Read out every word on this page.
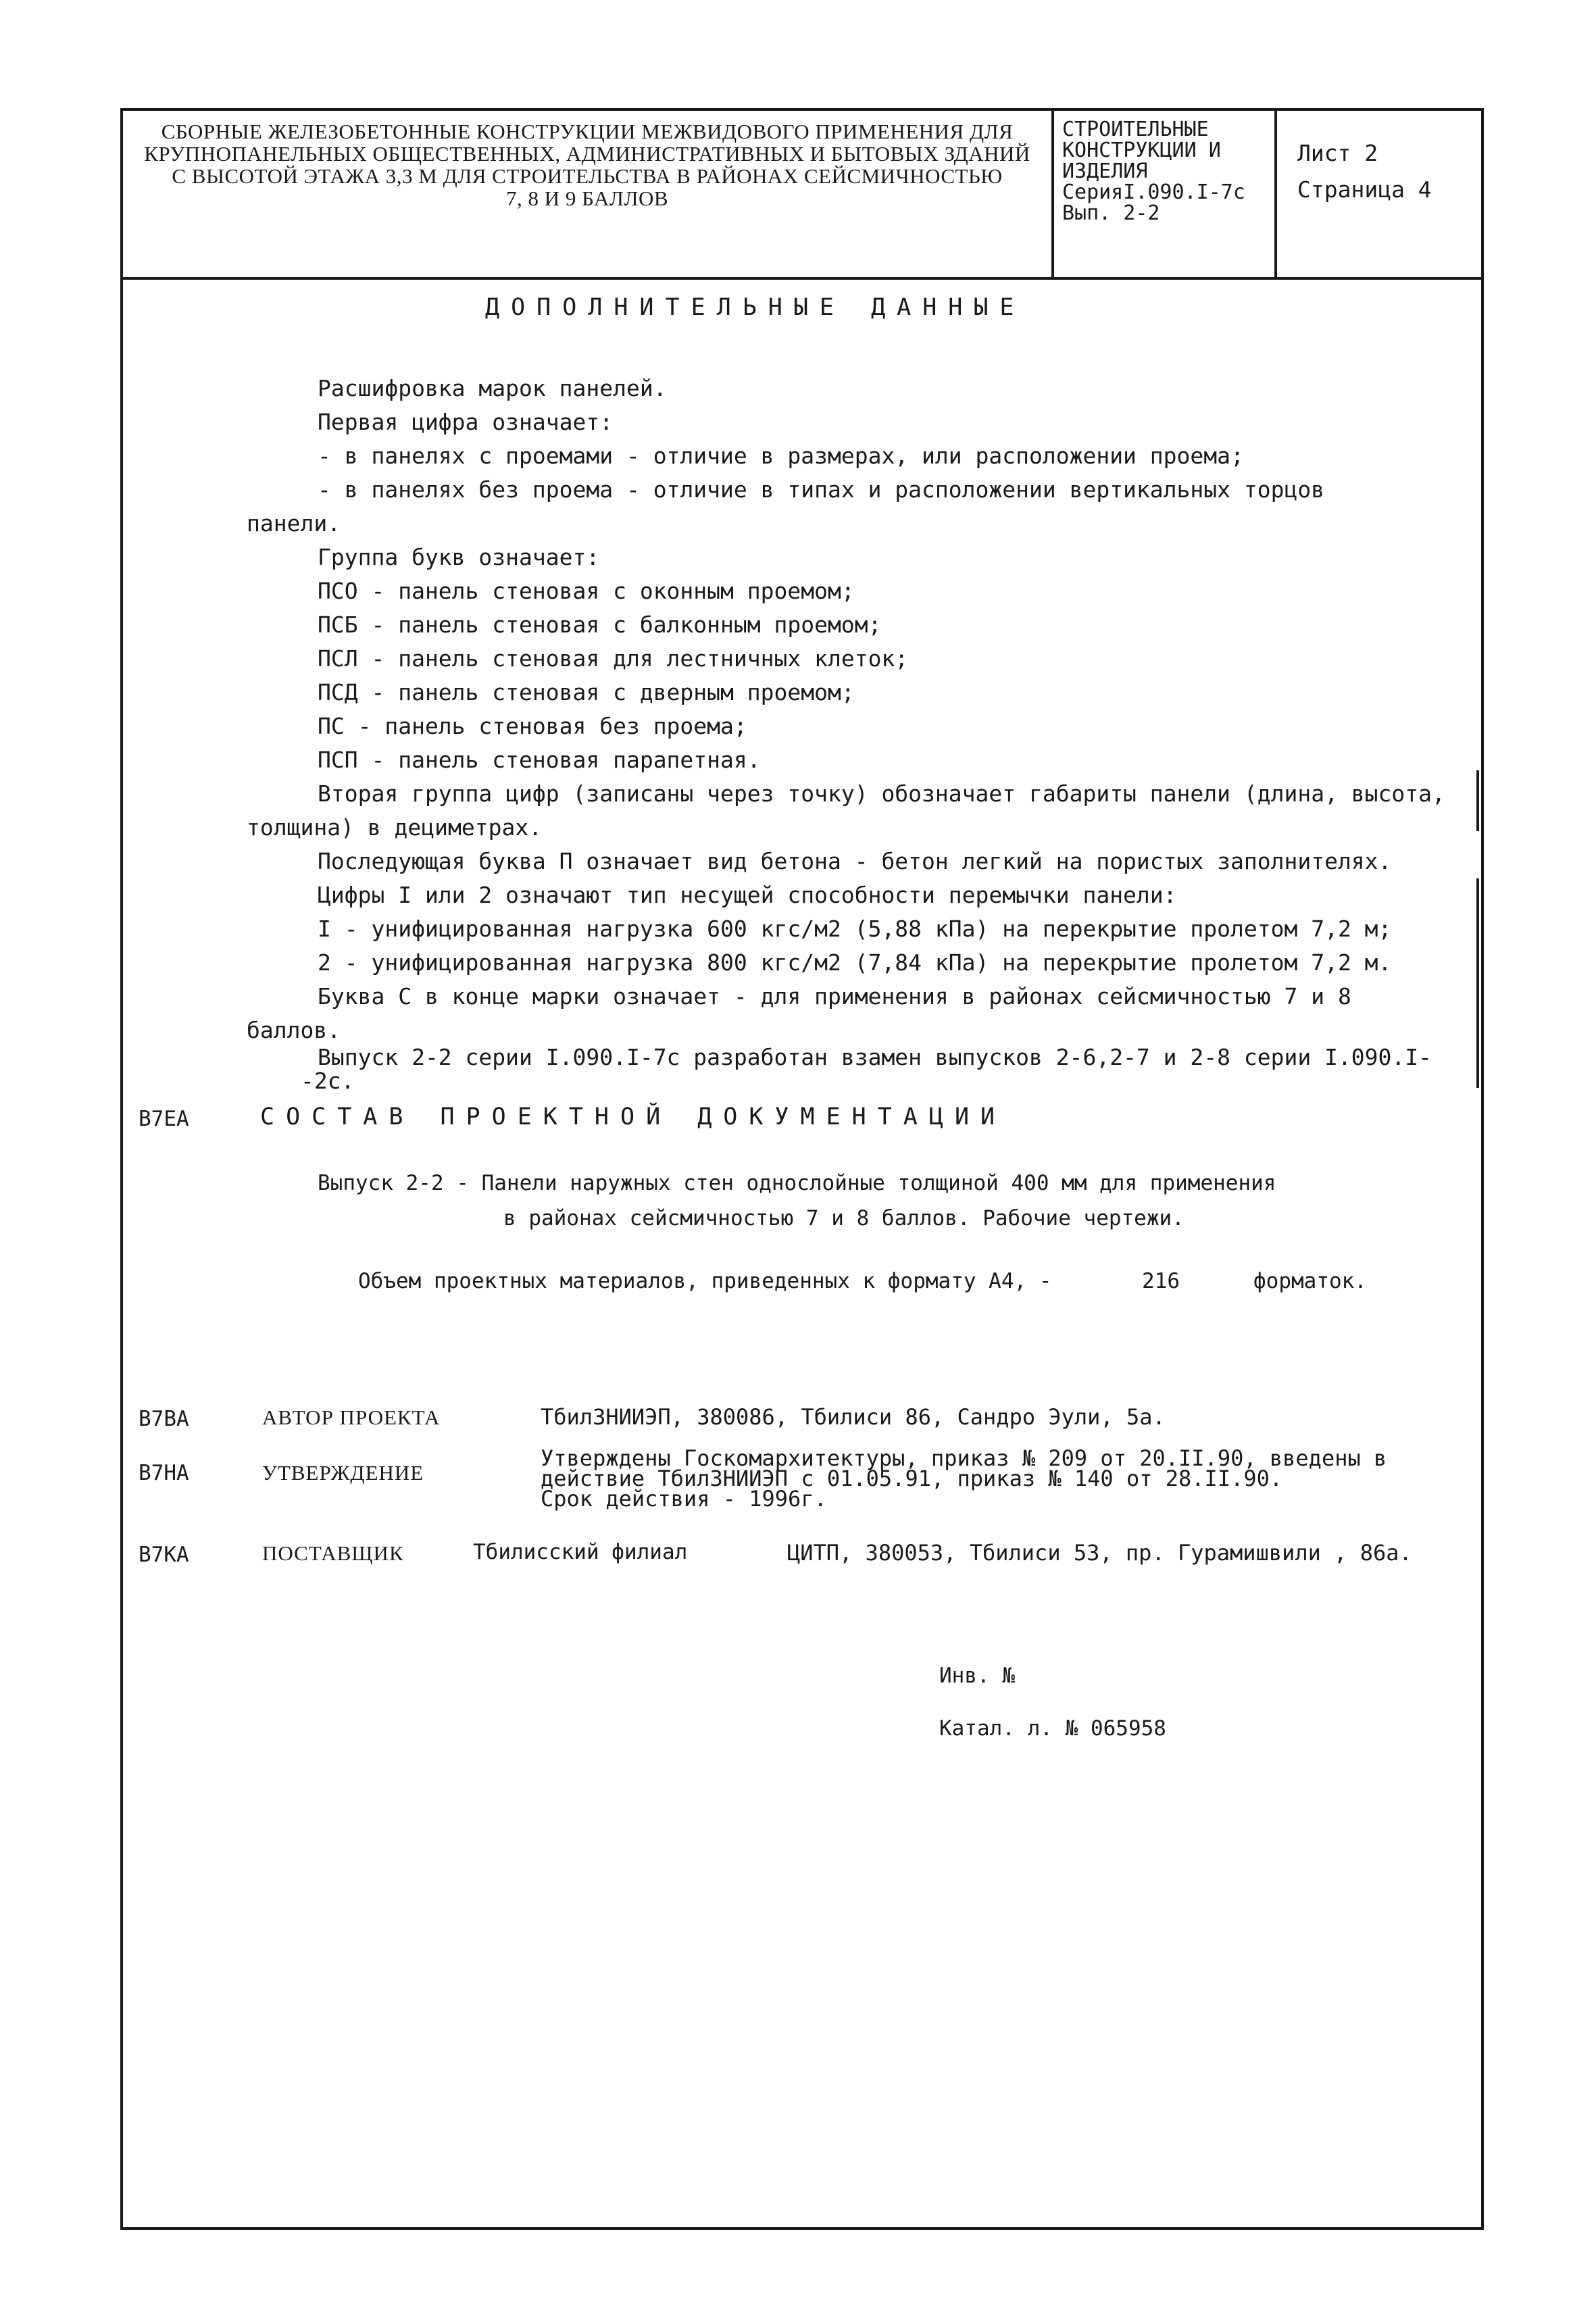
СБОРНЫЕ ЖЕЛЕЗОБЕТОННЫЕ КОНСТРУКЦИИ МЕЖВИДОВОГО ПРИМЕНЕНИЯ ДЛЯ
КРУПНОПАНЕЛЬНЫХ ОБЩЕСТВЕННЫХ, АДМИНИСТРАТИВНЫХ И БЫТОВЫХ ЗДАНИЙ
С ВЫСОТОЙ ЭТАЖА 3,3 М ДЛЯ СТРОИТЕЛЬСТВА В РАЙОНАХ СЕЙСМИЧНОСТЬЮ
7, 8 И 9 БАЛЛОВ
СТРОИТЕЛЬНЫЕ
КОНСТРУКЦИИ И
ИЗДЕЛИЯ
СерияI.090.I-7с
Вып. 2-2
Лист 2
Страница 4
ДОПОЛНИТЕЛЬНЫЕ ДАННЫЕ
Расшифровка марок панелей.
Первая цифра означает:
- в панелях с проемами - отличие в размерах, или расположении проема;
- в панелях без проема - отличие в типах и расположении вертикальных торцов
панели.
Группа букв означает:
ПСО - панель стеновая с оконным проемом;
ПСБ - панель стеновая с балконным проемом;
ПСЛ - панель стеновая для лестничных клеток;
ПСД - панель стеновая с дверным проемом;
ПС - панель стеновая без проема;
ПСП - панель стеновая парапетная.
Вторая группа цифр (записаны через точку) обозначает габариты панели (длина, высота,
толщина) в дециметрах.
Последующая буква П означает вид бетона - бетон легкий на пористых заполнителях.
Цифры I или 2 означают тип несущей способности перемычки панели:
I - унифицированная нагрузка 600 кгс/м2 (5,88 кПа) на перекрытие пролетом 7,2 м;
2 - унифицированная нагрузка 800 кгс/м2 (7,84 кПа) на перекрытие пролетом 7,2 м.
Буква С в конце марки означает - для применения в районах сейсмичностью 7 и 8
баллов.
Выпуск 2-2 серии I.090.I-7с разработан взамен выпусков 2-6,2-7 и 2-8 серии I.090.I-
-2с.
В7ЕА	СОСТАВ ПРОЕКТНОЙ ДОКУМЕНТАЦИИ
Выпуск 2-2 - Панели наружных стен однослойные толщиной 400 мм для применения
в районах сейсмичностью 7 и 8 баллов. Рабочие чертежи.
Объем проектных материалов, приведенных к формату А4, -	216	форматок.
В7ВА	АВТОР ПРОЕКТА	ТбилЗНИИЭП, 380086, Тбилиси 86, Сандро Эули, 5а.
В7НА	УТВЕРЖДЕНИЕ
Утверждены Госкомархитектуры, приказ № 209 от 20.II.90, введены в
действие ТбилЗНИИЭП с 01.05.91, приказ № 140 от 28.II.90.
Срок действия - 1996г.
В7КА	ПОСТАВЩИК	Тбилисский филиал	ЦИТП, 380053, Тбилиси 53, пр. Гурамишвили , 86а.
Инв. №
Катал. л. № 065958
